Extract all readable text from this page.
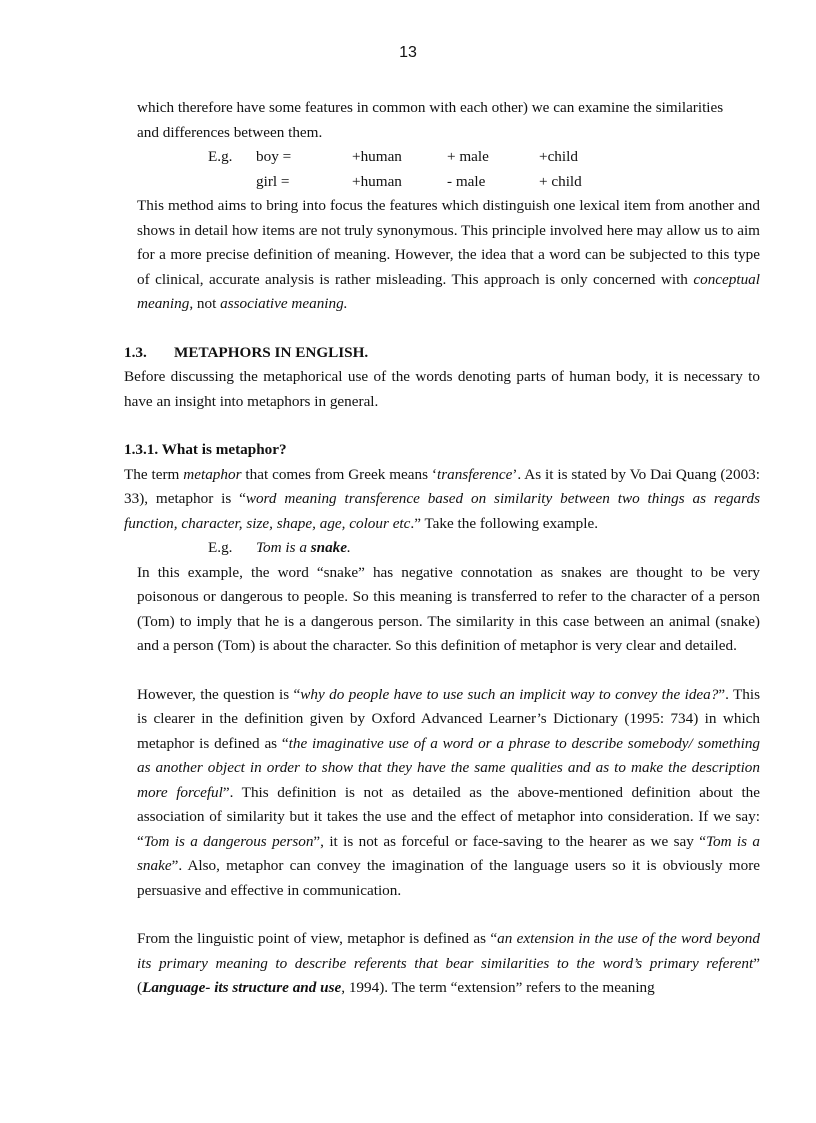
13
which therefore have some features in common with each other) we can examine the similarities
and differences between them.
E.g.	boy =	+human	+ male	+child
	girl =	+human	- male	+ child

This method aims to bring into focus the features which distinguish one lexical item from another and shows in detail how items are not truly synonymous. This principle involved here may allow us to aim for a more precise definition of meaning. However, the idea that a word can be subjected to this type of clinical, accurate analysis is rather misleading. This approach is only concerned with conceptual meaning, not associative meaning.

1.3. METAPHORS IN ENGLISH.

Before discussing the metaphorical use of the words denoting parts of human body, it is necessary to have an insight into metaphors in general.

1.3.1. What is metaphor?

The term metaphor that comes from Greek means ‘transference’. As it is stated by Vo Dai Quang (2003: 33), metaphor is “word meaning transference based on similarity between two things as regards function, character, size, shape, age, colour etc.” Take the following example.

E.g. Tom is a snake.

In this example, the word “snake” has negative connotation as snakes are thought to be very poisonous or dangerous to people. So this meaning is transferred to refer to the character of a person (Tom) to imply that he is a dangerous person. The similarity in this case between an animal (snake) and a person (Tom) is about the character. So this definition of metaphor is very clear and detailed.

However, the question is “why do people have to use such an implicit way to convey the idea?”. This is clearer in the definition given by Oxford Advanced Learner’s Dictionary (1995: 734) in which metaphor is defined as “the imaginative use of a word or a phrase to describe somebody/ something as another object in order to show that they have the same qualities and as to make the description more forceful”. This definition is not as detailed as the above-mentioned definition about the association of similarity but it takes the use and the effect of metaphor into consideration. If we say: “Tom is a dangerous person”, it is not as forceful or face-saving to the hearer as we say “Tom is a snake”. Also, metaphor can convey the imagination of the language users so it is obviously more persuasive and effective in communication.

From the linguistic point of view, metaphor is defined as “an extension in the use of the word beyond its primary meaning to describe referents that bear similarities to the word’s primary referent” (Language- its structure and use, 1994). The term “extension” refers to the meaning
